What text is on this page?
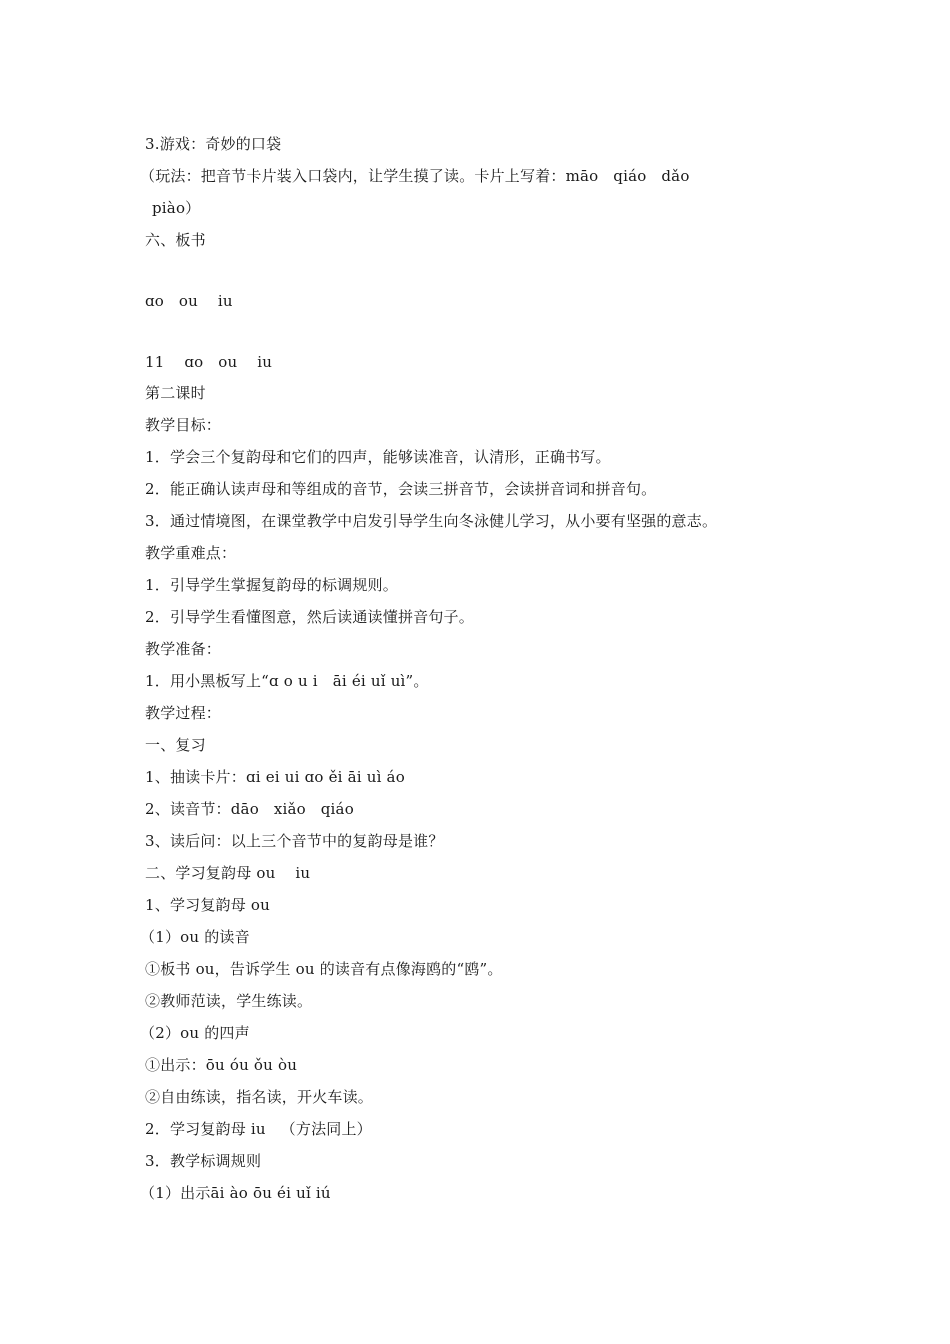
3.游戏：奇妙的口袋
（玩法：把音节卡片装入口袋内，让学生摸了读。卡片上写着：māo   qiáo   dǎo
piào）
六、板书
ɑo   ou    iu
11    ɑo   ou    iu
第二课时
教学目标：
1．学会三个复韵母和它们的四声，能够读准音，认清形，正确书写。
2．能正确认读声母和等组成的音节，会读三拼音节，会读拼音词和拼音句。
3．通过情境图，在课堂教学中启发引导学生向冬泳健儿学习，从小要有坚强的意志。
教学重难点：
1．引导学生掌握复韵母的标调规则。
2．引导学生看懂图意，然后读通读懂拼音句子。
教学准备：
1．用小黑板写上“ɑ o u i   āi éi uǐ uì”。
教学过程：
一、复习
1、抽读卡片：ɑi ei ui ɑo ěi āi uì áo
2、读音节：dāo   xiǎo   qiáo
3、读后问：以上三个音节中的复韵母是谁？
二、学习复韵母 ou    iu
1、学习复韵母 ou
（1）ou 的读音
①板书 ou，告诉学生 ou 的读音有点像海鸥的“鸥”。
②教师范读，学生练读。
（2）ou 的四声
①出示：ōu óu ǒu òu
②自由练读，指名读，开火车读。
2．学习复韵母 iu   （方法同上）
3．教学标调规则
（1）出示āi ào ōu éi uǐ iú
